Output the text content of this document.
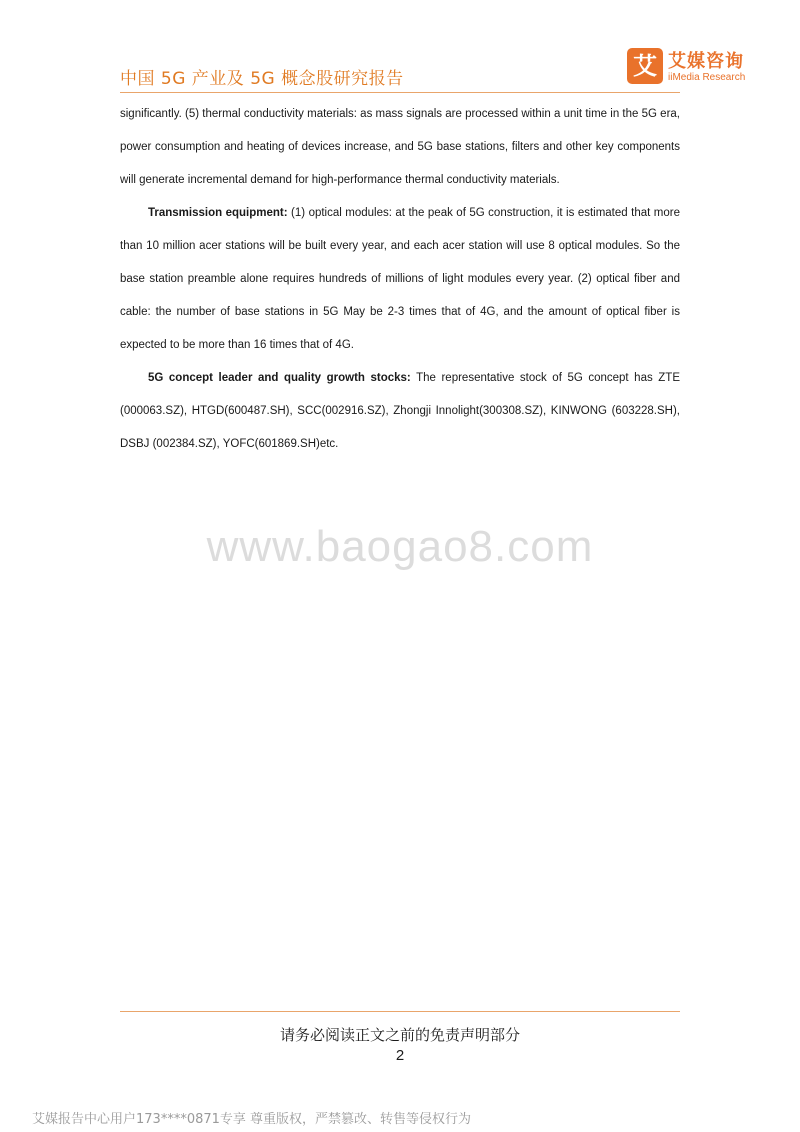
中国 5G 产业及 5G 概念股研究报告	艾 艾媒咨询
iiMedia Research

significantly. (5) thermal conductivity materials: as mass signals are processed within a unit time in the 5G era, power consumption and heating of devices increase, and 5G base stations, filters and other key components will generate incremental demand for high-performance thermal conductivity materials.

Transmission equipment: (1) optical modules: at the peak of 5G construction, it is estimated that more than 10 million acer stations will be built every year, and each acer station will use 8 optical modules. So the base station preamble alone requires hundreds of millions of light modules every year. (2) optical fiber and cable: the number of base stations in 5G May be 2-3 times that of 4G, and the amount of optical fiber is expected to be more than 16 times that of 4G.

5G concept leader and quality growth stocks: The representative stock of 5G concept has ZTE (000063.SZ), HTGD(600487.SH), SCC(002916.SZ), Zhongji Innolight(300308.SZ), KINWONG (603228.SH), DSBJ (002384.SZ), YOFC(601869.SH)etc.

www.baogao8.com
请务必阅读正文之前的免责声明部分
2
艾媒报告中心用户173****0871专享 尊重版权，严禁篡改、转售等侵权行为
